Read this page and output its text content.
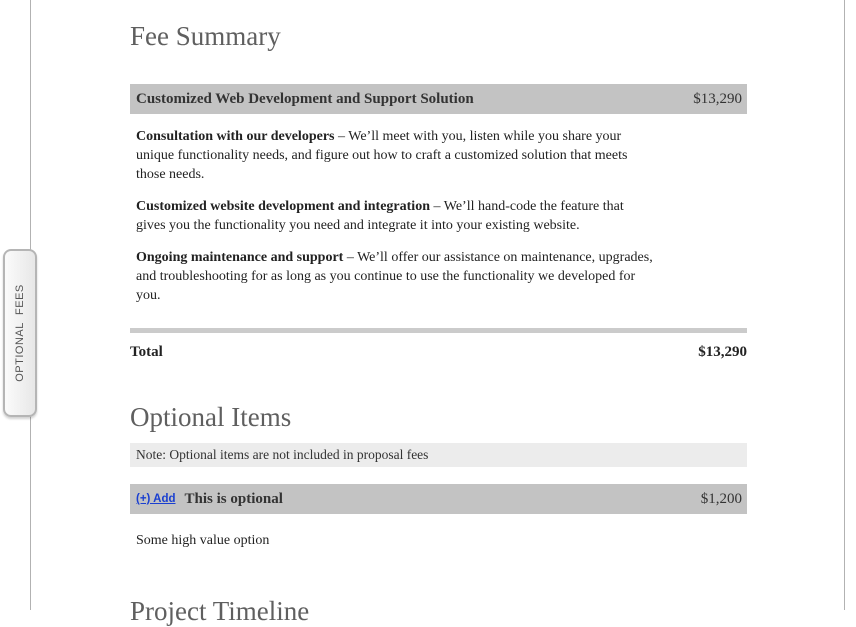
Fee Summary
Customized Web Development and Support Solution	$13,290

Consultation with our developers – We’ll meet with you, listen while you share your unique functionality needs, and figure out how to craft a customized solution that meets those needs.

Customized website development and integration – We’ll hand-code the feature that gives you the functionality you need and integrate it into your existing website.

Ongoing maintenance and support – We’ll offer our assistance on maintenance, upgrades, and troubleshooting for as long as you continue to use the functionality we developed for you.

Total	$13,290
Optional Items
Note: Optional items are not included in proposal fees
(+) Add This is optional	$1,200
Some high value option
Project Timeline
OPTIONAL FEES
